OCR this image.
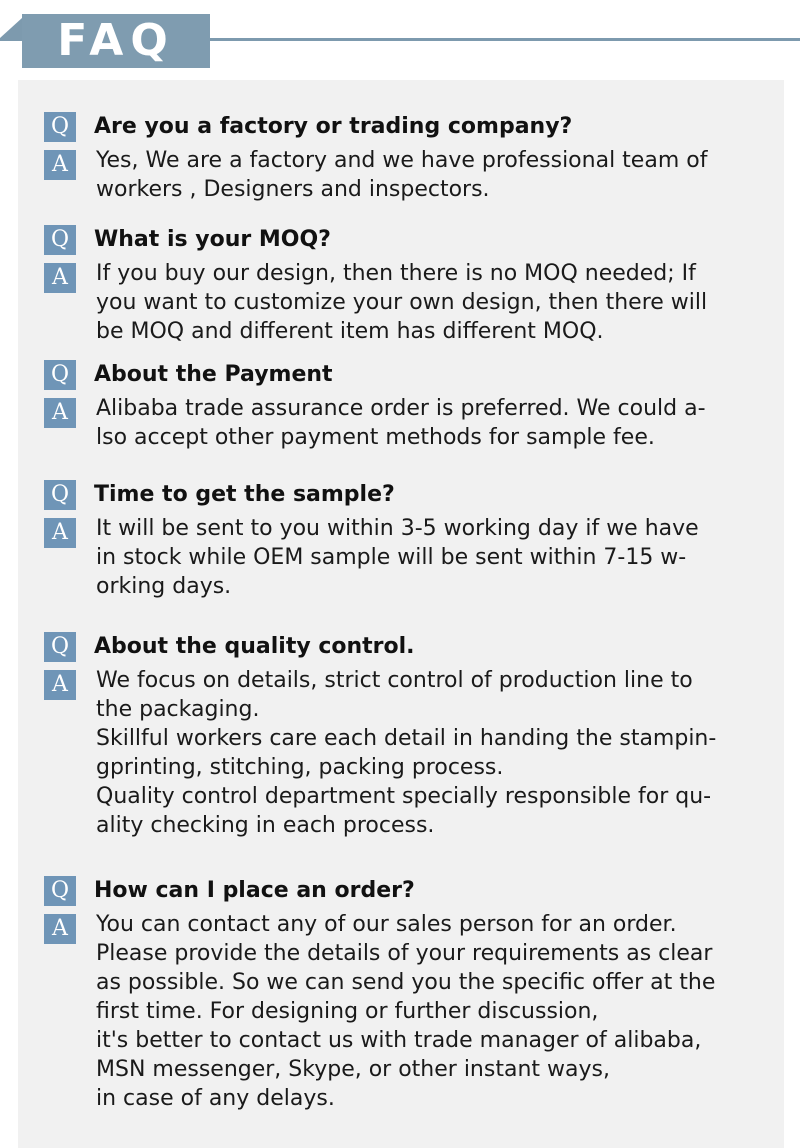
FAQ
Q	Are you a factory or trading company?
A	Yes, We are a factory and we have professional team of
workers , Designers and inspectors.
Q	What is your MOQ?
A	If you buy our design, then there is no MOQ needed; If
you want to customize your own design, then there will
be MOQ and different item has different MOQ.
Q	About the Payment
A	Alibaba trade assurance order is preferred. We could a-
lso accept other payment methods for sample fee.
Q	Time to get the sample?
A	It will be sent to you within 3-5 working day if we have
in stock while OEM sample will be sent within 7-15 w-
orking days.
Q	About the quality control.
A	We focus on details, strict control of production line to
the packaging.
Skillful workers care each detail in handing the stampin-
gprinting, stitching, packing process.
Quality control department specially responsible for qu-
ality checking in each process.
Q	How can I place an order?
A	You can contact any of our sales person for an order.
Please provide the details of your requirements as clear
as possible. So we can send you the specific offer at the
first time. For designing or further discussion,
it's better to contact us with trade manager of alibaba,
MSN messenger, Skype, or other instant ways,
in case of any delays.
